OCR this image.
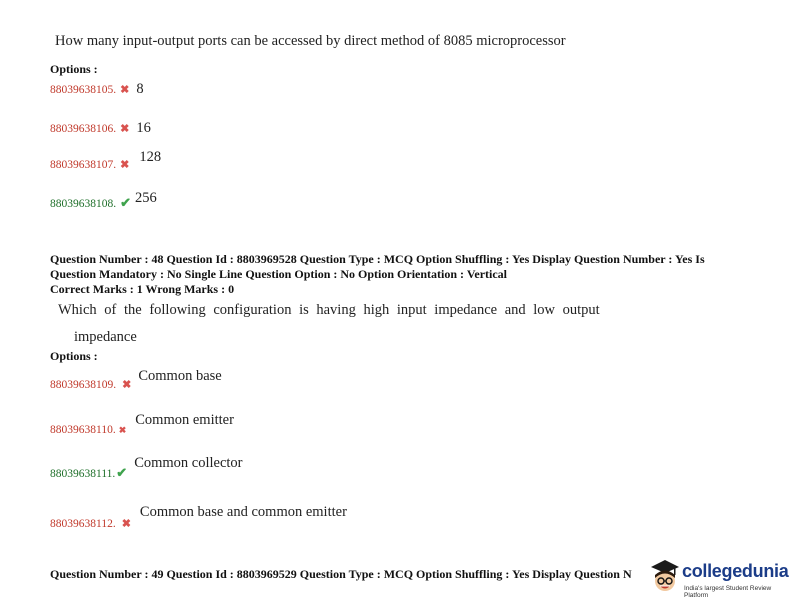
How many input-output ports can be accessed by direct method of 8085 microprocessor
Options :
88039638105. ✖ 8
88039638106. ✖ 16
88039638107. ✖ 128
88039638108. ✔ 256
Question Number : 48 Question Id : 8803969528 Question Type : MCQ Option Shuffling : Yes Display Question Number : Yes Is
Question Mandatory : No Single Line Question Option : No Option Orientation : Vertical
Correct Marks : 1 Wrong Marks : 0
Which of the following configuration is having high input impedance and low output
impedance
Options :
88039638109. ✖ Common base
88039638110. ✖ Common emitter
88039638111.✔ Common collector
88039638112. ✖ Common base and common emitter
Question Number : 49 Question Id : 8803969529 Question Type : MCQ Option Shuffling : Yes Display Question N	collegedunia
India's largest Student Review Platform
